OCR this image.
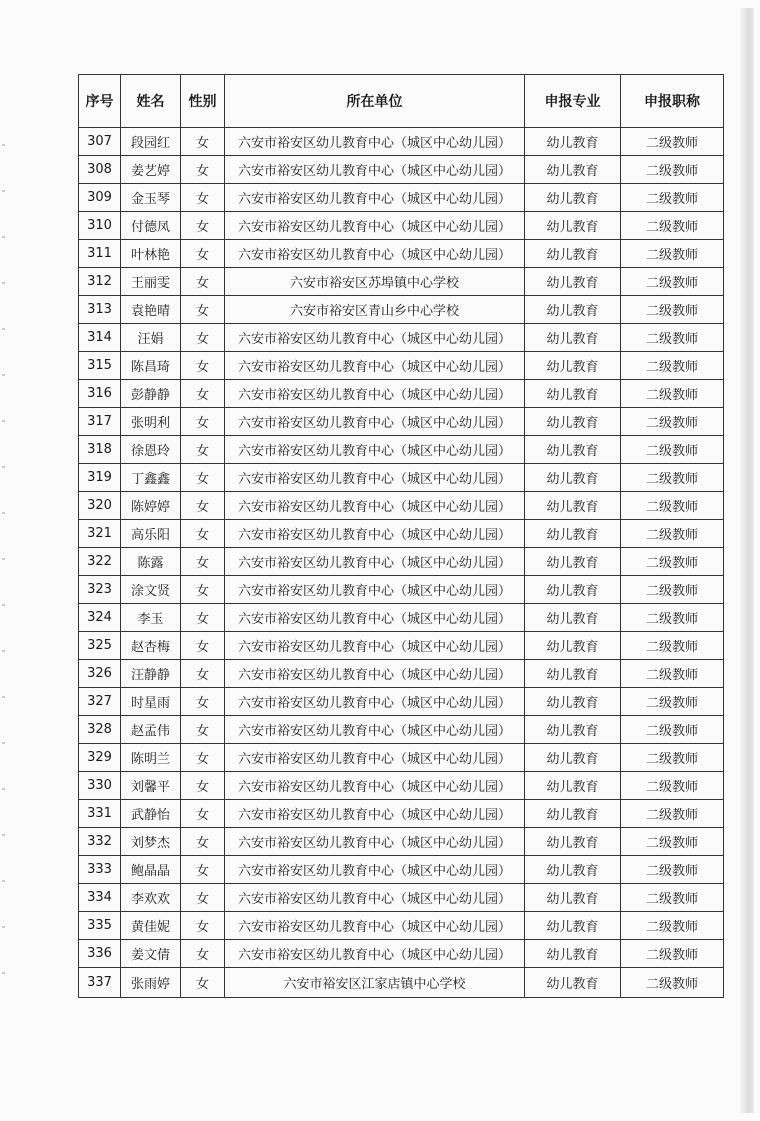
序号	姓名	性别	所在单位	申报专业	申报职称
307	段园红	女	六安市裕安区幼儿教育中心（城区中心幼儿园）	幼儿教育	二级教师
308	姜艺婷	女	六安市裕安区幼儿教育中心（城区中心幼儿园）	幼儿教育	二级教师
309	金玉琴	女	六安市裕安区幼儿教育中心（城区中心幼儿园）	幼儿教育	二级教师
310	付德凤	女	六安市裕安区幼儿教育中心（城区中心幼儿园）	幼儿教育	二级教师
311	叶林艳	女	六安市裕安区幼儿教育中心（城区中心幼儿园）	幼儿教育	二级教师
312	王丽雯	女	六安市裕安区苏埠镇中心学校	幼儿教育	二级教师
313	袁艳晴	女	六安市裕安区青山乡中心学校	幼儿教育	二级教师
314	汪娟	女	六安市裕安区幼儿教育中心（城区中心幼儿园）	幼儿教育	二级教师
315	陈昌琦	女	六安市裕安区幼儿教育中心（城区中心幼儿园）	幼儿教育	二级教师
316	彭静静	女	六安市裕安区幼儿教育中心（城区中心幼儿园）	幼儿教育	二级教师
317	张明利	女	六安市裕安区幼儿教育中心（城区中心幼儿园）	幼儿教育	二级教师
318	徐恩玲	女	六安市裕安区幼儿教育中心（城区中心幼儿园）	幼儿教育	二级教师
319	丁鑫鑫	女	六安市裕安区幼儿教育中心（城区中心幼儿园）	幼儿教育	二级教师
320	陈婷婷	女	六安市裕安区幼儿教育中心（城区中心幼儿园）	幼儿教育	二级教师
321	高乐阳	女	六安市裕安区幼儿教育中心（城区中心幼儿园）	幼儿教育	二级教师
322	陈露	女	六安市裕安区幼儿教育中心（城区中心幼儿园）	幼儿教育	二级教师
323	涂文贤	女	六安市裕安区幼儿教育中心（城区中心幼儿园）	幼儿教育	二级教师
324	李玉	女	六安市裕安区幼儿教育中心（城区中心幼儿园）	幼儿教育	二级教师
325	赵杏梅	女	六安市裕安区幼儿教育中心（城区中心幼儿园）	幼儿教育	二级教师
326	汪静静	女	六安市裕安区幼儿教育中心（城区中心幼儿园）	幼儿教育	二级教师
327	时星雨	女	六安市裕安区幼儿教育中心（城区中心幼儿园）	幼儿教育	二级教师
328	赵孟伟	女	六安市裕安区幼儿教育中心（城区中心幼儿园）	幼儿教育	二级教师
329	陈明兰	女	六安市裕安区幼儿教育中心（城区中心幼儿园）	幼儿教育	二级教师
330	刘馨平	女	六安市裕安区幼儿教育中心（城区中心幼儿园）	幼儿教育	二级教师
331	武静怡	女	六安市裕安区幼儿教育中心（城区中心幼儿园）	幼儿教育	二级教师
332	刘梦杰	女	六安市裕安区幼儿教育中心（城区中心幼儿园）	幼儿教育	二级教师
333	鲍晶晶	女	六安市裕安区幼儿教育中心（城区中心幼儿园）	幼儿教育	二级教师
334	李欢欢	女	六安市裕安区幼儿教育中心（城区中心幼儿园）	幼儿教育	二级教师
335	黄佳妮	女	六安市裕安区幼儿教育中心（城区中心幼儿园）	幼儿教育	二级教师
336	姜文倩	女	六安市裕安区幼儿教育中心（城区中心幼儿园）	幼儿教育	二级教师
337	张雨婷	女	六安市裕安区江家店镇中心学校	幼儿教育	二级教师
